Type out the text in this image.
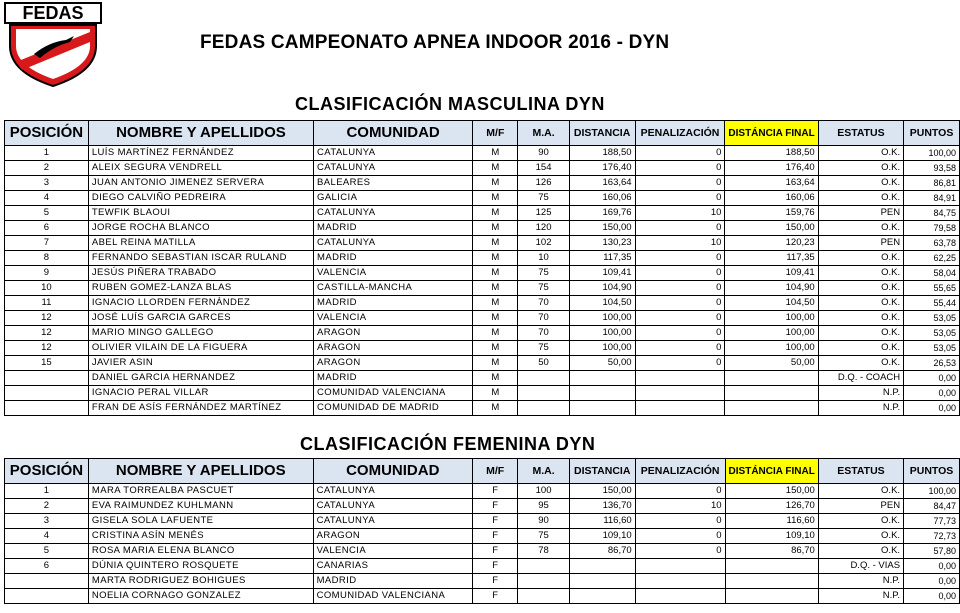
FEDAS
FEDAS CAMPEONATO APNEA INDOOR 2016 - DYN
CLASIFICACIÓN MASCULINA DYN
POSICIÓN	NOMBRE Y APELLIDOS	COMUNIDAD	M/F	M.A.	DISTANCIA	PENALIZACIÓN	DISTÁNCIA FINAL	ESTATUS	PUNTOS
1	LUÍS MARTÍNEZ FERNÁNDEZ	CATALUNYA	M	90	188,50	0	188,50	O.K.	100,00
2	ALEIX SEGURA VENDRELL	CATALUNYA	M	154	176,40	0	176,40	O.K.	93,58
3	JUAN ANTONIO JIMENEZ SERVERA	BALEARES	M	126	163,64	0	163,64	O.K.	86,81
4	DIEGO CALVIÑO PEDREIRA	GALICIA	M	75	160,06	0	160,06	O.K.	84,91
5	TEWFIK BLAOUI	CATALUNYA	M	125	169,76	10	159,76	PEN	84,75
6	JORGE ROCHA BLANCO	MADRID	M	120	150,00	0	150,00	O.K.	79,58
7	ABEL REINA MATILLA	CATALUNYA	M	102	130,23	10	120,23	PEN	63,78
8	FERNANDO SEBASTIAN ISCAR RULAND	MADRID	M	10	117,35	0	117,35	O.K.	62,25
9	JESÚS PIÑERA TRABADO	VALENCIA	M	75	109,41	0	109,41	O.K.	58,04
10	RUBEN GOMEZ-LANZA BLAS	CASTILLA-MANCHA	M	75	104,90	0	104,90	O.K.	55,65
11	IGNACIO LLORDEN FERNÁNDEZ	MADRID	M	70	104,50	0	104,50	O.K.	55,44
12	JOSÉ LUÍS GARCIA GARCES	VALENCIA	M	70	100,00	0	100,00	O.K.	53,05
12	MARIO MINGO GALLEGO	ARAGON	M	70	100,00	0	100,00	O.K.	53,05
12	OLIVIER VILAIN DE LA FIGUERA	ARAGON	M	75	100,00	0	100,00	O.K.	53,05
15	JAVIER ASIN	ARAGON	M	50	50,00	0	50,00	O.K.	26,53
	DANIEL GARCIA HERNANDEZ	MADRID	M					D.Q. - COACH	0,00
	IGNACIO PERAL VILLAR	COMUNIDAD VALENCIANA	M					N.P.	0,00
	FRAN DE ASÍS FERNÁNDEZ MARTÍNEZ	COMUNIDAD DE MADRID	M					N.P.	0,00
CLASIFICACIÓN FEMENINA DYN
POSICIÓN	NOMBRE Y APELLIDOS	COMUNIDAD	M/F	M.A.	DISTANCIA	PENALIZACIÓN	DISTÁNCIA FINAL	ESTATUS	PUNTOS
1	MARA TORREALBA PASCUET	CATALUNYA	F	100	150,00	0	150,00	O.K.	100,00
2	EVA RAIMUNDEZ KUHLMANN	CATALUNYA	F	95	136,70	10	126,70	PEN	84,47
3	GISELA SOLA LAFUENTE	CATALUNYA	F	90	116,60	0	116,60	O.K.	77,73
4	CRISTINA ASÍN MENÉS	ARAGON	F	75	109,10	0	109,10	O.K.	72,73
5	ROSA MARIA ELENA BLANCO	VALENCIA	F	78	86,70	0	86,70	O.K.	57,80
6	DÚNIA QUINTERO ROSQUETE	CANARIAS	F					D.Q. - VIAS	0,00
	MARTA RODRIGUEZ BOHIGUES	MADRID	F					N.P.	0,00
	NOELIA CORNAGO GONZALEZ	COMUNIDAD VALENCIANA	F					N.P.	0,00
